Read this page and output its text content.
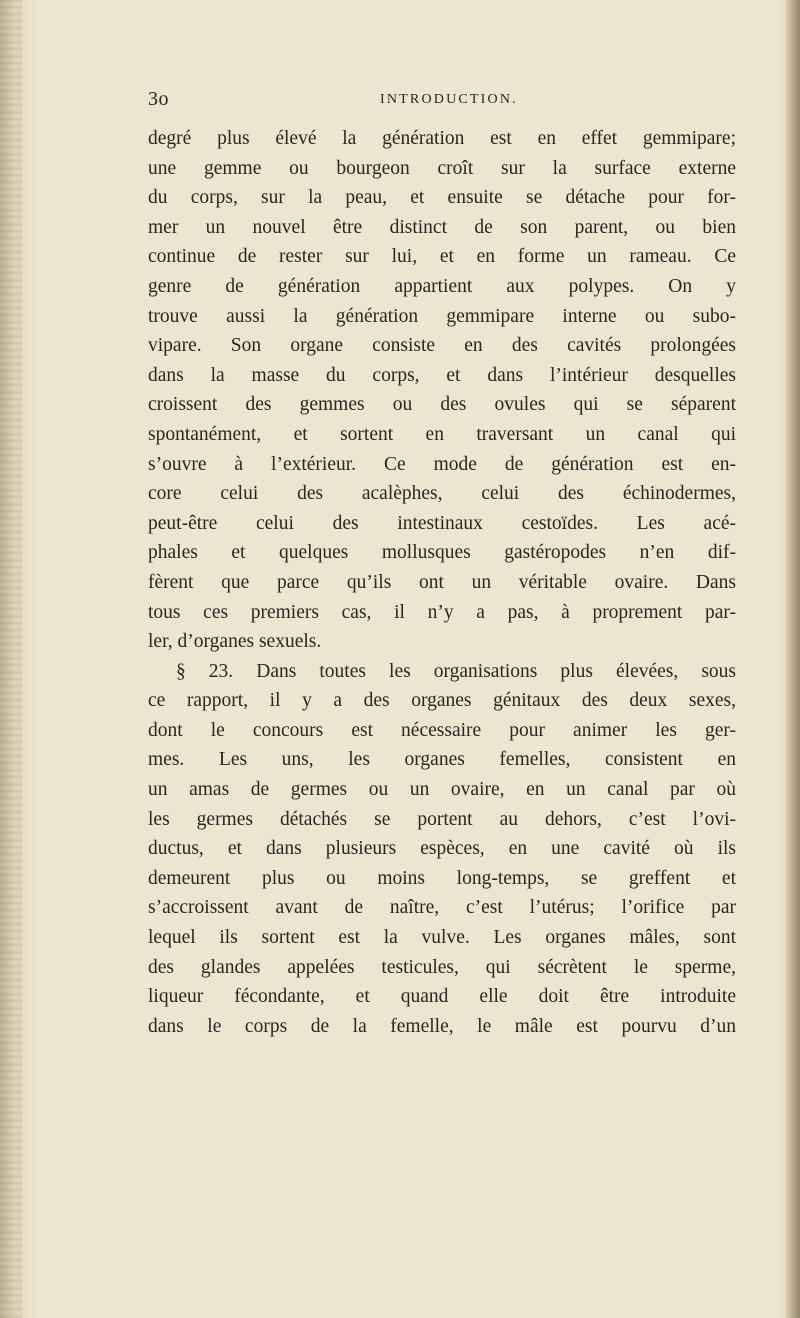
3o	INTRODUCTION.
degré plus élevé la génération est en effet gemmipare;
une gemme ou bourgeon croît sur la surface externe
du corps, sur la peau, et ensuite se détache pour for-
mer un nouvel être distinct de son parent, ou bien
continue de rester sur lui, et en forme un rameau. Ce
genre de génération appartient aux polypes. On y
trouve aussi la génération gemmipare interne ou subo-
vipare. Son organe consiste en des cavités prolongées
dans la masse du corps, et dans l’intérieur desquelles
croissent des gemmes ou des ovules qui se séparent
spontanément, et sortent en traversant un canal qui
s’ouvre à l’extérieur. Ce mode de génération est en-
core celui des acalèphes, celui des échinodermes,
peut-être celui des intestinaux cestoïdes. Les acé-
phales et quelques mollusques gastéropodes n’en dif-
fèrent que parce qu’ils ont un véritable ovaire. Dans
tous ces premiers cas, il n’y a pas, à proprement par-
ler, d’organes sexuels.
§ 23. Dans toutes les organisations plus élevées, sous
ce rapport, il y a des organes génitaux des deux sexes,
dont le concours est nécessaire pour animer les ger-
mes. Les uns, les organes femelles, consistent en
un amas de germes ou un ovaire, en un canal par où
les germes détachés se portent au dehors, c’est l’ovi-
ductus, et dans plusieurs espèces, en une cavité où ils
demeurent plus ou moins long-temps, se greffent et
s’accroissent avant de naître, c’est l’utérus; l’orifice par
lequel ils sortent est la vulve. Les organes mâles, sont
des glandes appelées testicules, qui sécrètent le sperme,
liqueur fécondante, et quand elle doit être introduite
dans le corps de la femelle, le mâle est pourvu d’un
